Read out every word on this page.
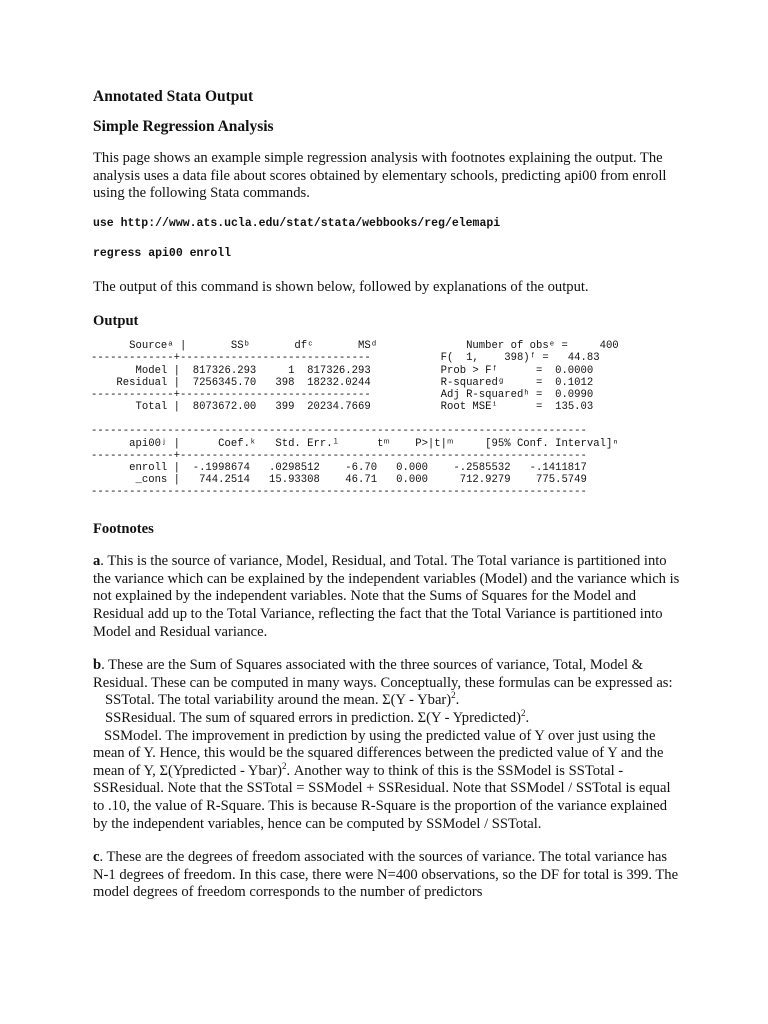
Annotated Stata Output
Simple Regression Analysis

This page shows an example simple regression analysis with footnotes explaining the output. The analysis uses a data file about scores obtained by elementary schools, predicting api00 from enroll using the following Stata commands.

use http://www.ats.ucla.edu/stat/stata/webbooks/reg/elemapi
regress api00 enroll

The output of this command is shown below, followed by explanations of the output.

Output
Sourceᵃ |       SSᵇ       dfᶜ       MSᵈ              Number of obsᵉ =     400
-------------+------------------------------           F(  1,    398)ᶠ =   44.83
Model |  817326.293     1  817326.293           Prob > Fᶠ      =  0.0000
Residual |  7256345.70   398  18232.0244           R-squaredᵍ     =  0.1012
-------------+------------------------------           Adj R-squaredʰ =  0.0990
Total |  8073672.00   399  20234.7669           Root MSEⁱ      =  135.03
------------------------------------------------------------------------------
api00ʲ |      Coef.ᵏ   Std. Err.ˡ      tᵐ    P>|t|ᵐ     [95% Conf. Interval]ⁿ
-------------+----------------------------------------------------------------
enroll |  -.1998674   .0298512    -6.70   0.000    -.2585532   -.1411817
_cons |   744.2514   15.93308    46.71   0.000     712.9279    775.5749
------------------------------------------------------------------------------
Footnotes

a. This is the source of variance, Model, Residual, and Total. The Total variance is partitioned into the variance which can be explained by the independent variables (Model) and the variance which is not explained by the independent variables. Note that the Sums of Squares for the Model and Residual add up to the Total Variance, reflecting the fact that the Total Variance is partitioned into Model and Residual variance.

b. These are the Sum of Squares associated with the three sources of variance, Total, Model & Residual. These can be computed in many ways. Conceptually, these formulas can be expressed as:

SSTotal. The total variability around the mean. Σ(Y - Ybar)$^2$.

SSResidual. The sum of squared errors in prediction. Σ(Y - Ypredicted)$^2$.

SSModel. The improvement in prediction by using the predicted value of Y over just using the mean of Y. Hence, this would be the squared differences between the predicted value of Y and the mean of Y, Σ(Ypredicted - Ybar)$^2$. Another way to think of this is the SSModel is SSTotal - SSResidual. Note that the SSTotal = SSModel + SSResidual. Note that SSModel / SSTotal is equal to .10, the value of R-Square. This is because R-Square is the proportion of the variance explained by the independent variables, hence can be computed by SSModel / SSTotal.

c. These are the degrees of freedom associated with the sources of variance. The total variance has N-1 degrees of freedom. In this case, there were N=400 observations, so the DF for total is 399. The model degrees of freedom corresponds to the number of predictors
